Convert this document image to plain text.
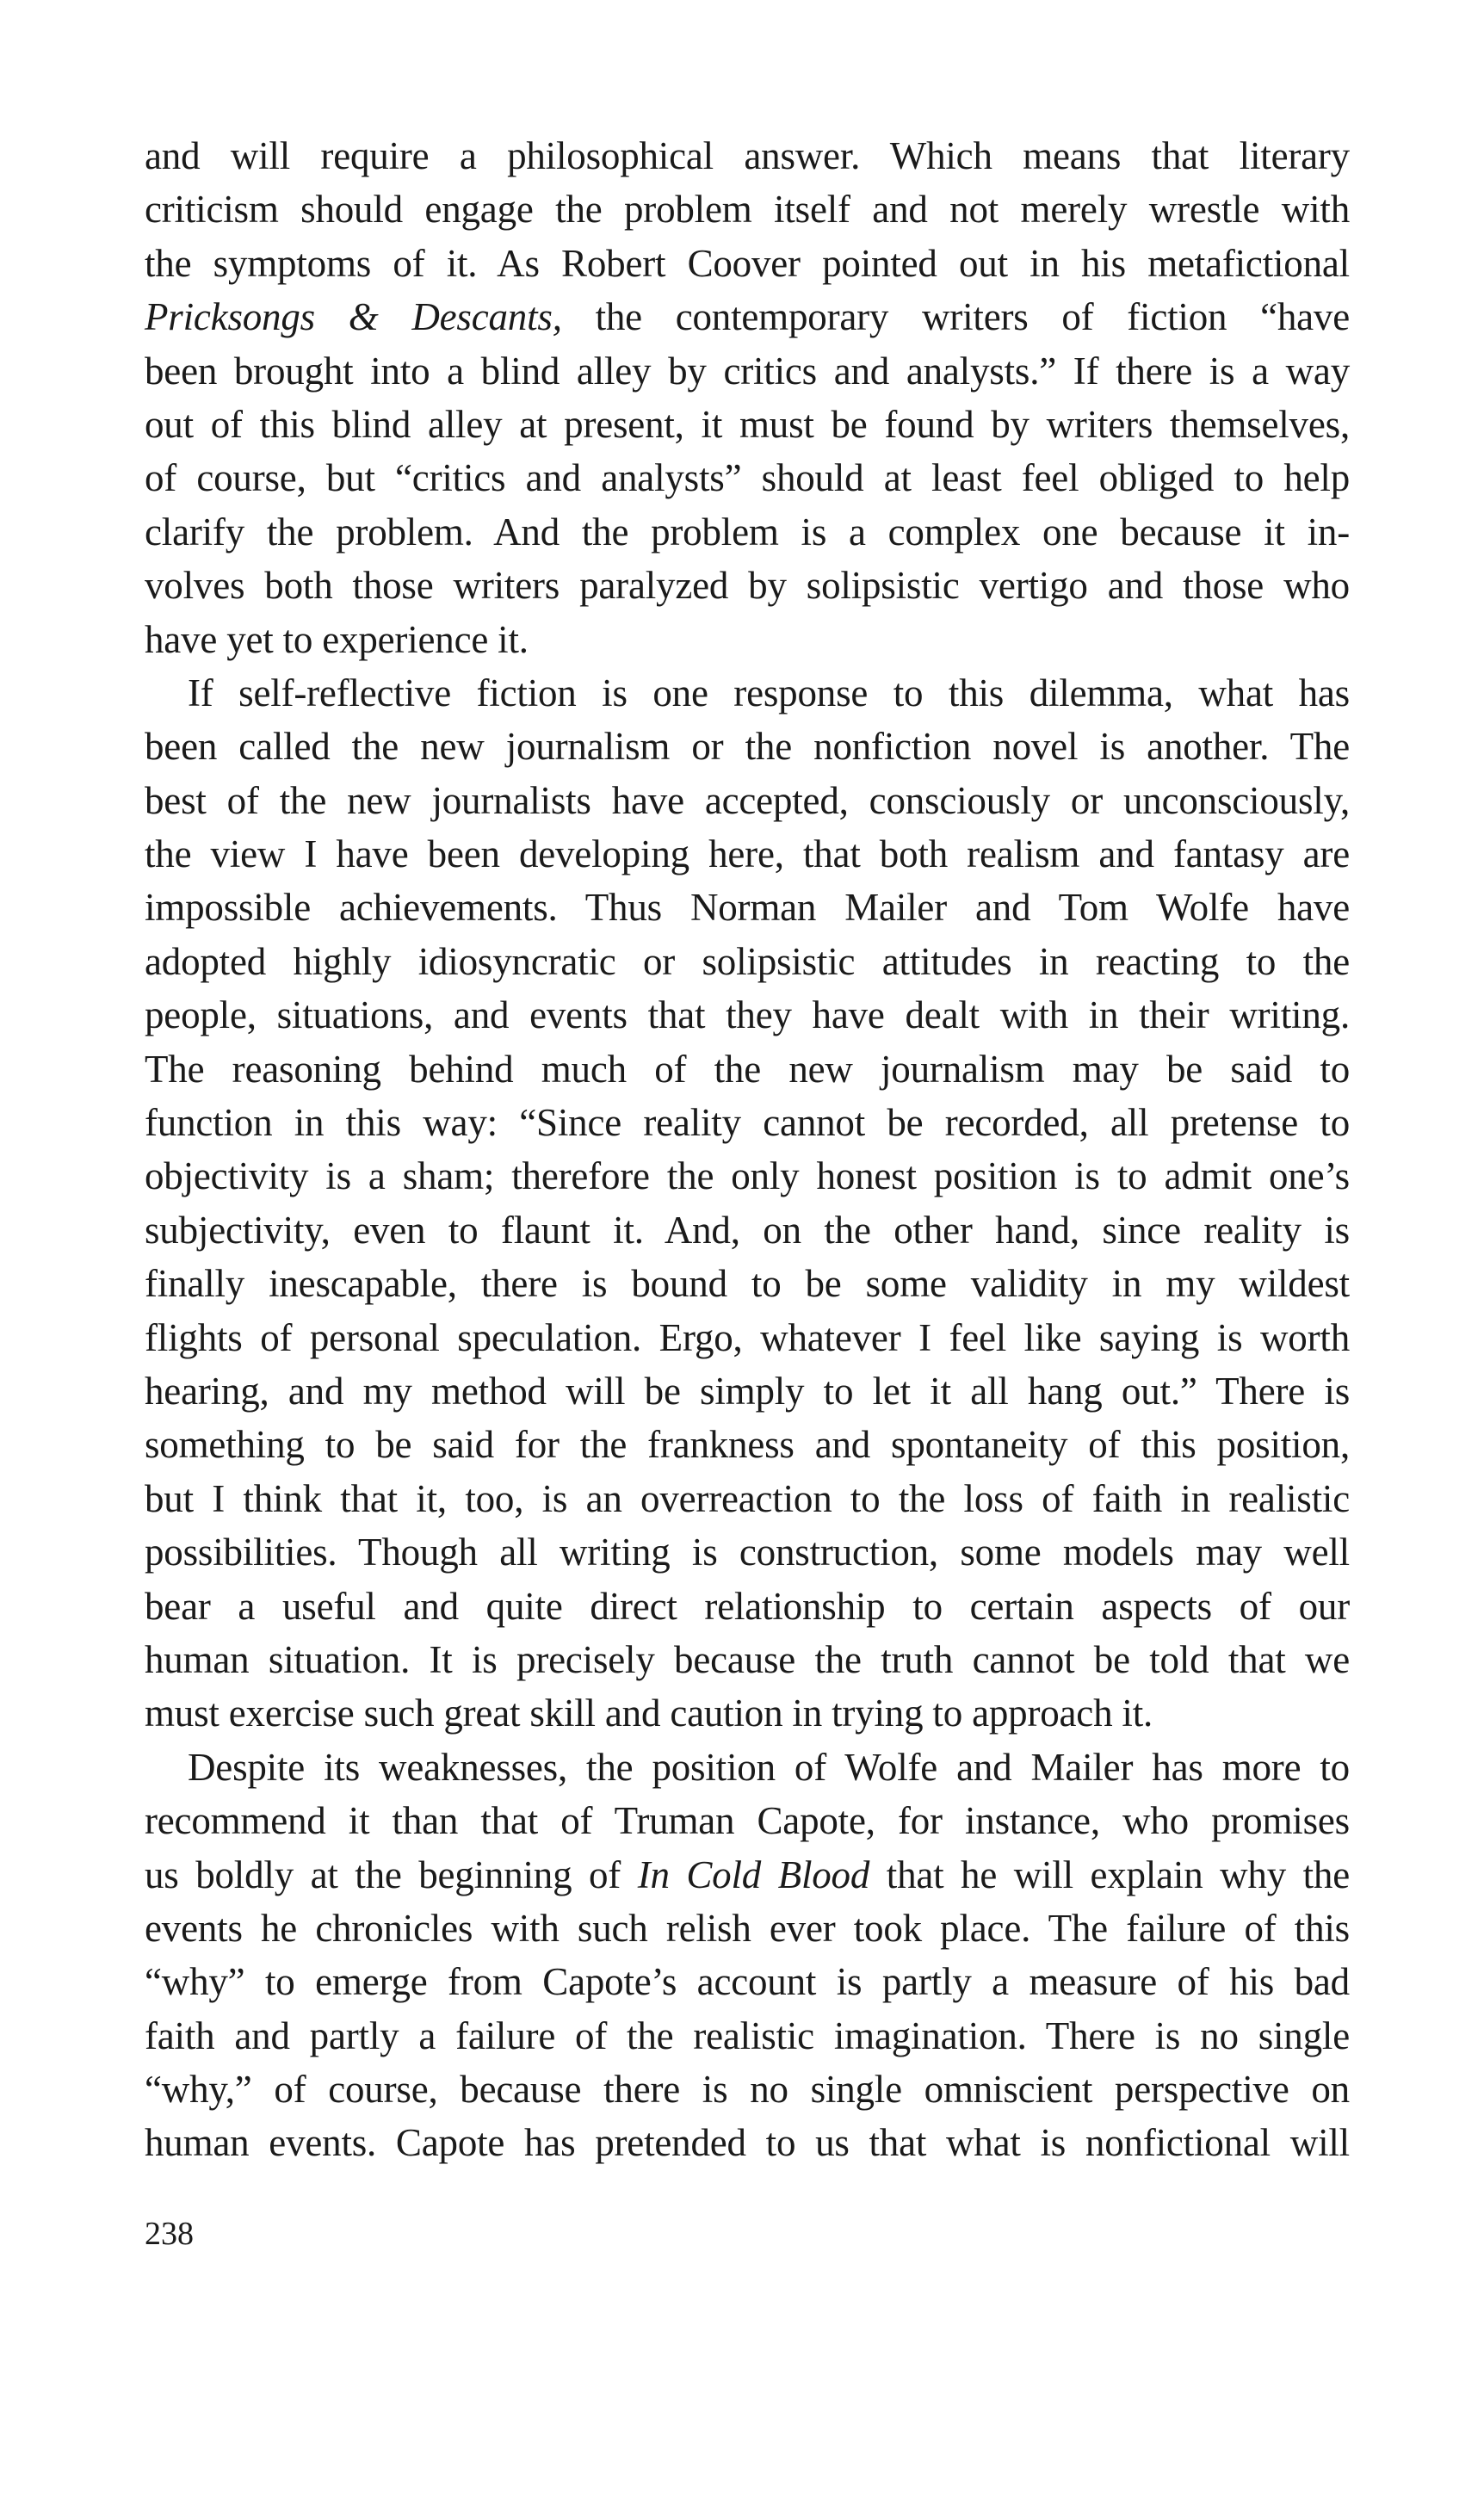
and will require a philosophical answer. Which means that literary
criticism should engage the problem itself and not merely wrestle with
the symptoms of it. As Robert Coover pointed out in his metafictional
Pricksongs & Descants, the contemporary writers of fiction “have
been brought into a blind alley by critics and analysts.” If there is a way
out of this blind alley at present, it must be found by writers themselves,
of course, but “critics and analysts” should at least feel obliged to help
clarify the problem. And the problem is a complex one because it in-
volves both those writers paralyzed by solipsistic vertigo and those who
have yet to experience it.
If self-reflective fiction is one response to this dilemma, what has
been called the new journalism or the nonfiction novel is another. The
best of the new journalists have accepted, consciously or unconsciously,
the view I have been developing here, that both realism and fantasy are
impossible achievements. Thus Norman Mailer and Tom Wolfe have
adopted highly idiosyncratic or solipsistic attitudes in reacting to the
people, situations, and events that they have dealt with in their writing.
The reasoning behind much of the new journalism may be said to
function in this way: “Since reality cannot be recorded, all pretense to
objectivity is a sham; therefore the only honest position is to admit one’s
subjectivity, even to flaunt it. And, on the other hand, since reality is
finally inescapable, there is bound to be some validity in my wildest
flights of personal speculation. Ergo, whatever I feel like saying is worth
hearing, and my method will be simply to let it all hang out.” There is
something to be said for the frankness and spontaneity of this position,
but I think that it, too, is an overreaction to the loss of faith in realistic
possibilities. Though all writing is construction, some models may well
bear a useful and quite direct relationship to certain aspects of our
human situation. It is precisely because the truth cannot be told that we
must exercise such great skill and caution in trying to approach it.
Despite its weaknesses, the position of Wolfe and Mailer has more to
recommend it than that of Truman Capote, for instance, who promises
us boldly at the beginning of In Cold Blood that he will explain why the
events he chronicles with such relish ever took place. The failure of this
“why” to emerge from Capote’s account is partly a measure of his bad
faith and partly a failure of the realistic imagination. There is no single
“why,” of course, because there is no single omniscient perspective on
human events. Capote has pretended to us that what is nonfictional will
238
